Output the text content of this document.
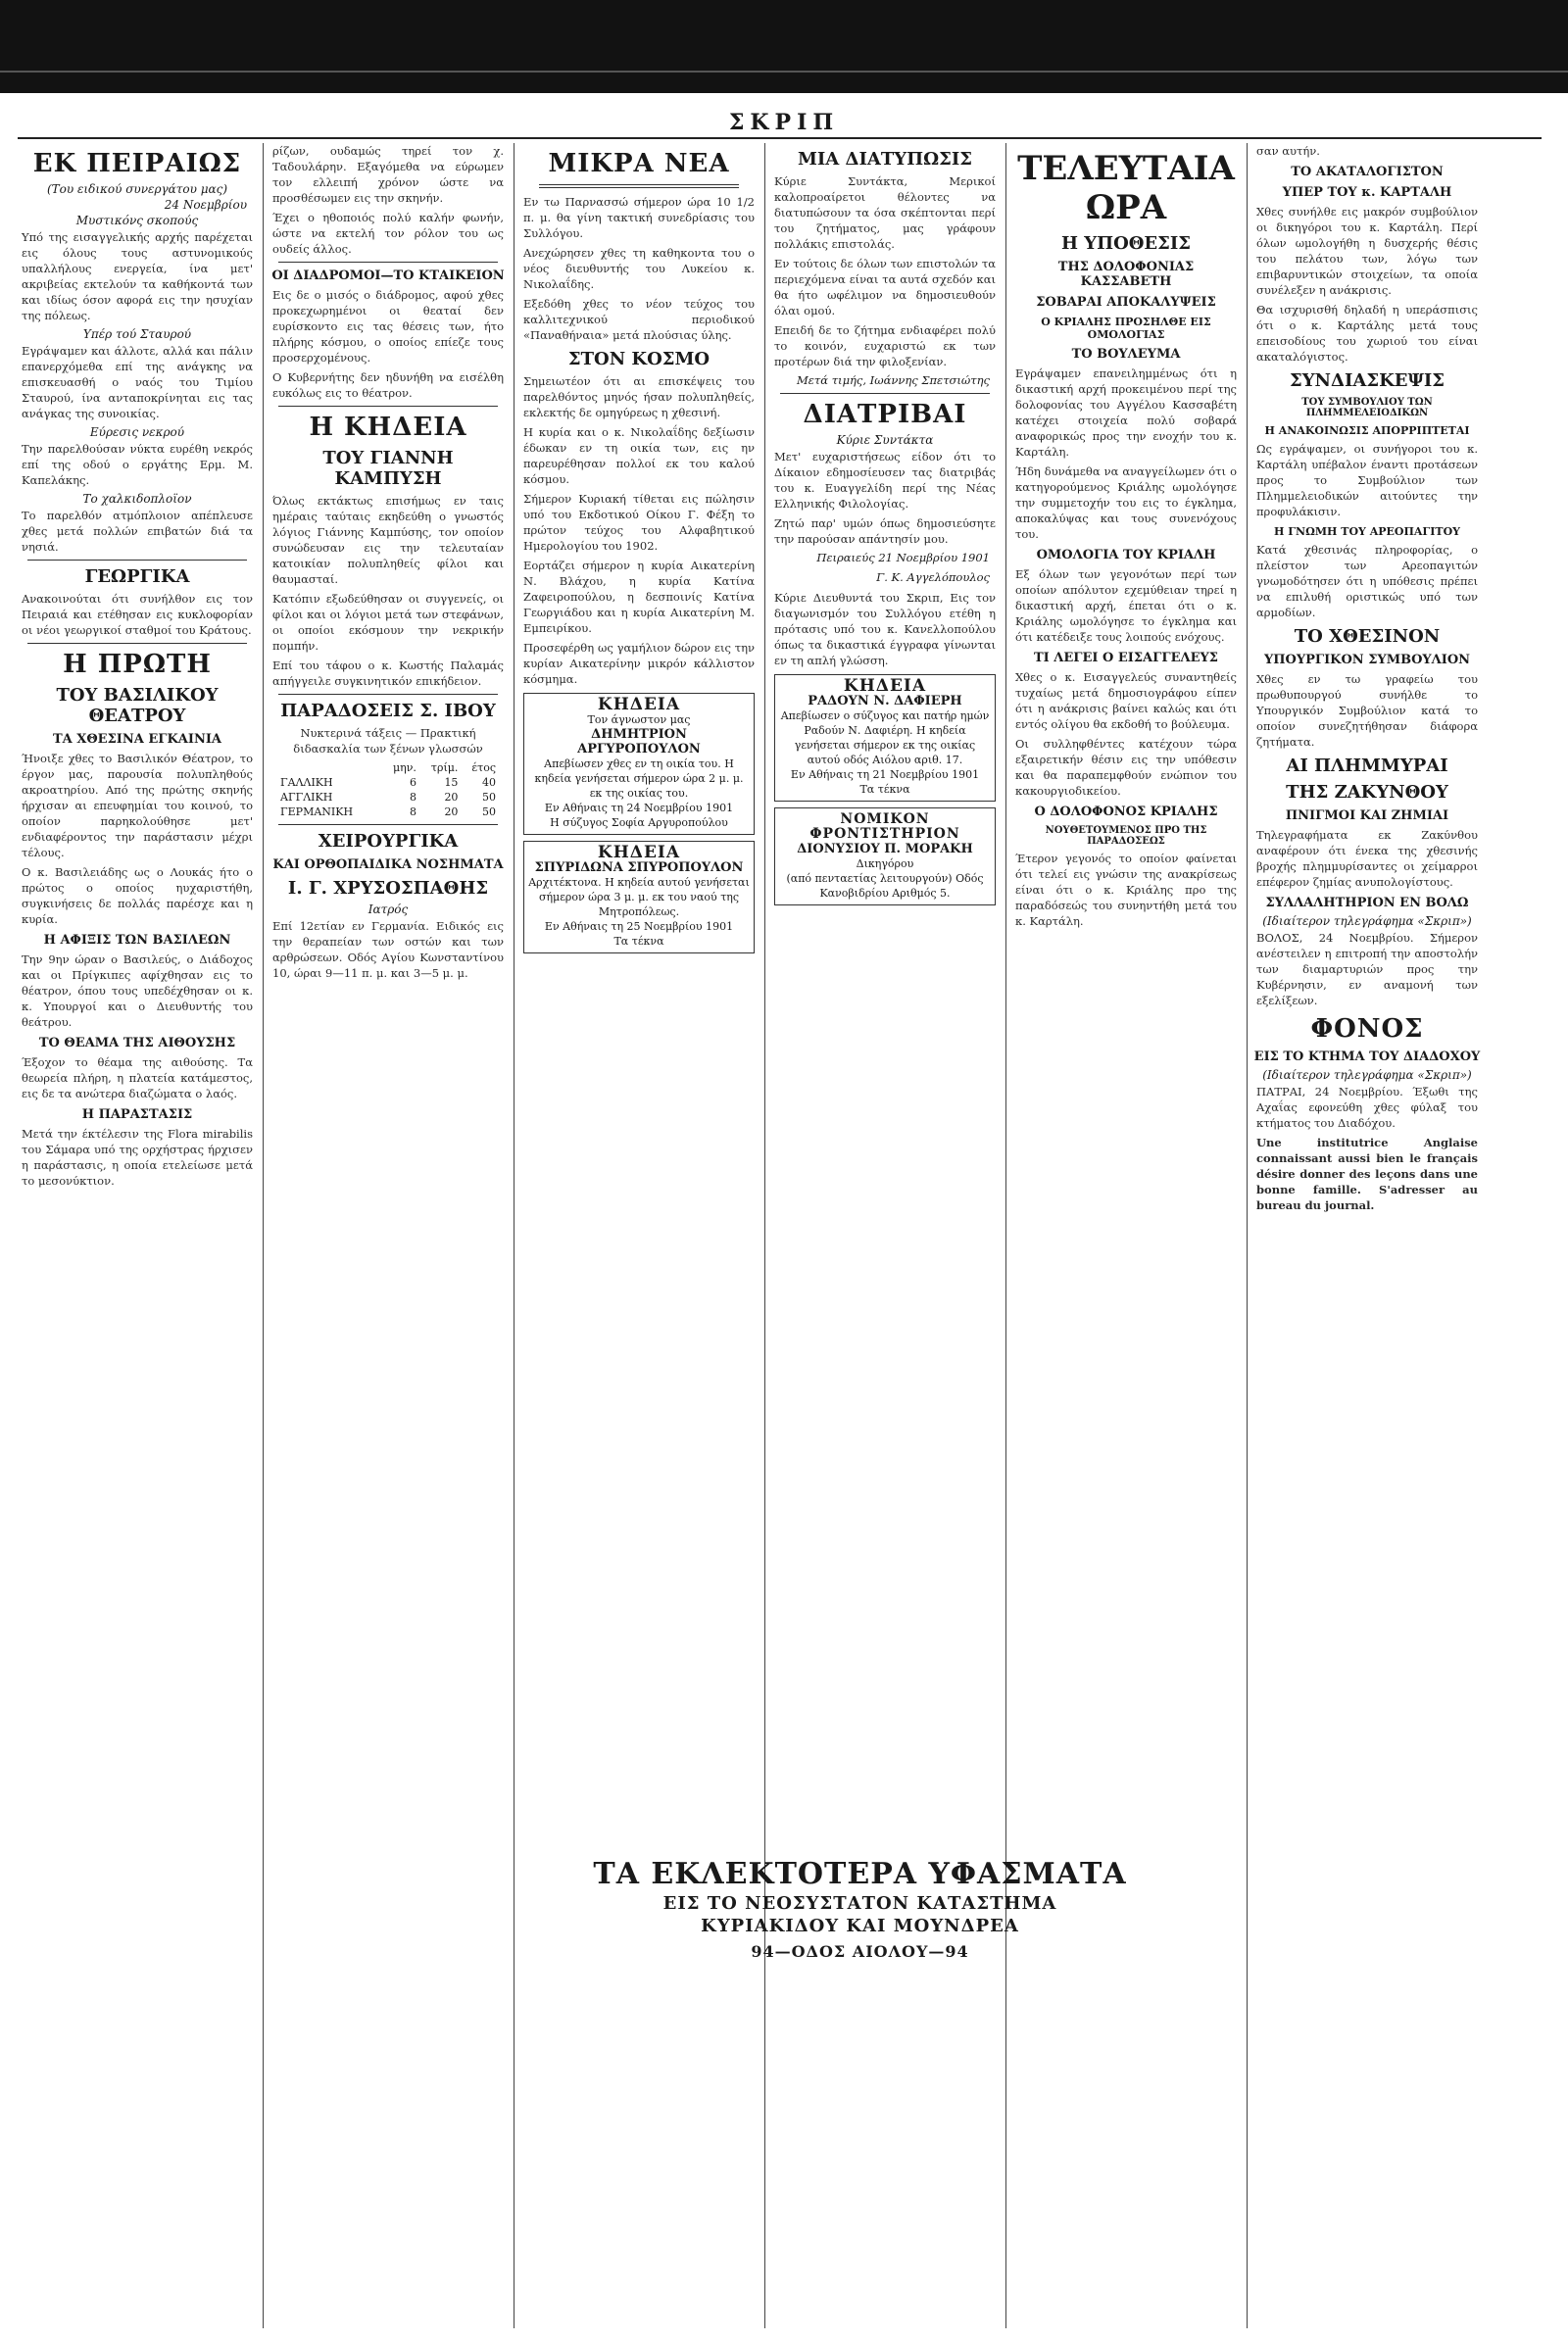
ΣΚΡΙΠ
ΕΚ ΠΕΙΡΑΙΩΣ
(Του ειδικού συνεργάτου μας)
24 Νοεμβρίου
Μυστικόνς σκοπούς

Υπό της εισαγγελικής αρχής παρέχεται εις όλους τους αστυνομικούς υπαλλήλους ενεργεία, ίνα μετ' ακριβείας εκτελούν τα καθήκοντά των και ιδίως όσον αφορά εις την ησυχίαν της πόλεως.

Υπέρ τού Σταυρού

Εγράψαμεν και άλλοτε, αλλά και πάλιν επανερχόμεθα επί της ανάγκης να επισκευασθή ο ναός του Τιμίου Σταυρού, ίνα ανταποκρίνηται εις τας ανάγκας της συνοικίας.

Εύρεσις νεκρού

Την παρελθούσαν νύκτα ευρέθη νεκρός επί της οδού ο εργάτης Ερμ. Μ. Καπελάκης.

Το χαλκιδοπλοϊον

Το παρελθόν ατμόπλοιον απέπλευσε χθες μετά πολλών επιβατών διά τα νησιά.

ΓΕΩΡΓΙΚΑ

Ανακοινούται ότι συνήλθον εις τον Πειραιά και ετέθησαν εις κυκλοφορίαν οι νέοι γεωργικοί σταθμοί του Κράτους.

Η ΠΡΩΤΗ
ΤΟΥ ΒΑΣΙΛΙΚΟΥ ΘΕΑΤΡΟΥ
ΤΑ ΧΘΕΣΙΝΑ ΕΓΚΑΙΝΙΑ

Ήνοιξε χθες το Βασιλικόν Θέατρον, το έργον μας, παρουσία πολυπληθούς ακροατηρίου. Από της πρώτης σκηνής ήρχισαν αι επευφημίαι του κοινού, το οποίον παρηκολούθησε μετ' ενδιαφέροντος την παράστασιν μέχρι τέλους.

Ο κ. Βασιλειάδης ως ο Λουκάς ήτο ο πρώτος ο οποίος ηυχαριστήθη, συγκινήσεις δε πολλάς παρέσχε και η κυρία.

Η ΑΦΙΞΙΣ ΤΩΝ ΒΑΣΙΛΕΩΝ

Την 9ην ώραν ο Βασιλεύς, ο Διάδοχος και οι Πρίγκιπες αφίχθησαν εις το θέατρον, όπου τους υπεδέχθησαν οι κ. κ. Υπουργοί και ο Διευθυντής του θεάτρου.

ΤΟ ΘΕΑΜΑ ΤΗΣ ΑΙΘΟΥΣΗΣ

Έξοχον το θέαμα της αιθούσης. Τα θεωρεία πλήρη, η πλατεία κατάμεστος, εις δε τα ανώτερα διαζώματα ο λαός.

Η ΠΑΡΑΣΤΑΣΙΣ

Μετά την έκτέλεσιν της Flora mirabilis του Σάμαρα υπό της ορχήστρας ήρχισεν η παράστασις, η οποία ετελείωσε μετά το μεσονύκτιον.

ρίζων, ουδαμώς τηρεί τον χ. Ταδουλάρην. Εξαγόμεθα να εύρωμεν τον ελλειπή χρόνον ώστε να προσθέσωμεν εις την σκηνήν.

Έχει ο ηθοποιός πολύ καλήν φωνήν, ώστε να εκτελή τον ρόλον του ως ουδείς άλλος.

ΟΙ ΔΙΑΔΡΟΜΟΙ—ΤΟ ΚΤΑΙΚΕΙΟΝ

Εις δε ο μισός ο διάδρομος, αφού χθες προκεχωρημένοι οι θεαταί δεν ευρίσκοντο εις τας θέσεις των, ήτο πλήρης κόσμου, ο οποίος επίεζε τους προσερχομένους.

Ο Κυβερνήτης δεν ηδυνήθη να εισέλθη ευκόλως εις το θέατρον.

Η ΚΗΔΕΙΑ
ΤΟΥ ΓΙΑΝΝΗ ΚΑΜΠΥΣΗ

Όλως εκτάκτως επισήμως εν ταις ημέραις ταύταις εκηδεύθη ο γνωστός λόγιος Γιάννης Καμπύσης, τον οποίον συνώδευσαν εις την τελευταίαν κατοικίαν πολυπληθείς φίλοι και θαυμασταί.

Κατόπιν εξωδεύθησαν οι συγγενείς, οι φίλοι και οι λόγιοι μετά των στεφάνων, οι οποίοι εκόσμουν την νεκρικήν πομπήν.

Επί του τάφου ο κ. Κωστής Παλαμάς απήγγειλε συγκινητικόν επικήδειον.

ΠΑΡΑΔΟΣΕΙΣ Σ. ΙΒΟΥ

Νυκτερινά τάξεις — Πρακτική διδασκαλία των ξένων γλωσσών

	μην.	τρίμ.	έτος
ΓΑΛΛΙΚΗ	6	15	40
ΑΓΓΛΙΚΗ	8	20	50
ΓΕΡΜΑΝΙΚΗ	8	20	50
ΧΕΙΡΟΥΡΓΙΚΑ
ΚΑΙ ΟΡΘΟΠΑΙΔΙΚΑ ΝΟΣΗΜΑΤΑ
Ι. Γ. ΧΡΥΣΟΣΠΑΘΗΣ
Ιατρός

Επί 12ετίαν εν Γερμανία. Ειδικός εις την θεραπείαν των οστών και των αρθρώσεων. Οδός Αγίου Κωνσταντίνου 10, ώραι 9—11 π. μ. και 3—5 μ. μ.

ΜΙΚΡΑ ΝΕΑ

Εν τω Παρνασσώ σήμερον ώρα 10 1/2 π. μ. θα γίνη τακτική συνεδρίασις του Συλλόγου.

Ανεχώρησεν χθες τη καθηκοντα του ο νέος διευθυντής του Λυκείου κ. Νικολαΐδης.

Εξεδόθη χθες το νέον τεύχος του καλλιτεχνικού περιοδικού «Παναθήναια» μετά πλούσιας ύλης.

ΣΤΟΝ ΚΟΣΜΟ

Σημειωτέον ότι αι επισκέψεις του παρελθόντος μηνός ήσαν πολυπληθείς, εκλεκτής δε ομηγύρεως η χθεσινή.

Η κυρία και ο κ. Νικολαΐδης δεξίωσιν έδωκαν εν τη οικία των, εις ην παρευρέθησαν πολλοί εκ του καλού κόσμου.

Σήμερον Κυριακή τίθεται εις πώλησιν υπό του Εκδοτικού Οίκου Γ. Φέξη το πρώτον τεύχος του Αλφαβητικού Ημερολογίου του 1902.

Εορτάζει σήμερον η κυρία Αικατερίνη Ν. Βλάχου, η κυρία Κατίνα Ζαφειροπούλου, η δεσποινίς Κατίνα Γεωργιάδου και η κυρία Αικατερίνη Μ. Εμπειρίκου.

Προσεφέρθη ως γαμήλιον δώρον εις την κυρίαν Αικατερίνην μικρόν κάλλιστον κόσμημα.

ΚΗΔΕΙΑ
Τον άγνωστον μας
ΔΗΜΗΤΡΙΟΝ ΑΡΓΥΡΟΠΟΥΛΟΝ
Απεβίωσεν χθες εν τη οικία του. Η κηδεία γενήσεται σήμερον ώρα 2 μ. μ. εκ της οικίας του.
Εν Αθήναις τη 24 Νοεμβρίου 1901
Η σύζυγος Σοφία Αργυροπούλου
ΚΗΔΕΙΑ
ΣΠΥΡΙΔΩΝΑ ΣΠΥΡΟΠΟΥΛΟΝ
Αρχιτέκτονα. Η κηδεία αυτού γενήσεται σήμερον ώρα 3 μ. μ. εκ του ναού της Μητροπόλεως.
Εν Αθήναις τη 25 Νοεμβρίου 1901
Τα τέκνα
ΜΙΑ ΔΙΑΤΥΠΩΣΙΣ

Κύριε Συντάκτα, Μερικοί καλοπροαίρετοι θέλοντες να διατυπώσουν τα όσα σκέπτονται περί του ζητήματος, μας γράφουν πολλάκις επιστολάς.

Εν τούτοις δε όλων των επιστολών τα περιεχόμενα είναι τα αυτά σχεδόν και θα ήτο ωφέλιμον να δημοσιευθούν όλαι ομού.

Επειδή δε το ζήτημα ενδιαφέρει πολύ το κοινόν, ευχαριστώ εκ των προτέρων διά την φιλοξενίαν.

Μετά τιμής, Ιωάννης Σπετσιώτης
ΔΙΑΤΡΙΒΑΙ
Κύριε Συντάκτα

Μετ' ευχαριστήσεως είδον ότι το Δίκαιον εδημοσίευσεν τας διατριβάς του κ. Ευαγγελίδη περί της Νέας Ελληνικής Φιλολογίας.

Ζητώ παρ' υμών όπως δημοσιεύσητε την παρούσαν απάντησίν μου.

Πειραιεύς 21 Νοεμβρίου 1901
Γ. Κ. Αγγελόπουλος

Κύριε Διευθυντά του Σκριπ, Εις τον διαγωνισμόν του Συλλόγου ετέθη η πρότασις υπό του κ. Κανελλοπούλου όπως τα δικαστικά έγγραφα γίνωνται εν τη απλή γλώσση.

ΚΗΔΕΙΑ
ΡΑΔΟΥΝ Ν. ΔΑΦΙΕΡΗ
Απεβίωσεν ο σύζυγος και πατήρ ημών Ραδούν Ν. Δαφιέρη. Η κηδεία γενήσεται σήμερον εκ της οικίας αυτού οδός Αιόλου αριθ. 17.
Εν Αθήναις τη 21 Νοεμβρίου 1901
Τα τέκνα
ΝΟΜΙΚΟΝ ΦΡΟΝΤΙΣΤΗΡΙΟΝ
ΔΙΟΝΥΣΙΟΥ Π. ΜΟΡΑΚΗ
Δικηγόρου
(από πενταετίας λειτουργούν) Οδός Κανοβιδρίου Αριθμός 5.
ΤΕΛΕΥΤΑΙΑ ΩΡΑ
Η ΥΠΟΘΕΣΙΣ
ΤΗΣ ΔΟΛΟΦΟΝΙΑΣ ΚΑΣΣΑΒΕΤΗ
ΣΟΒΑΡΑΙ ΑΠΟΚΑΛΥΨΕΙΣ
Ο ΚΡΙΑΛΗΣ ΠΡΟΣΗΛΘΕ ΕΙΣ ΟΜΟΛΟΓΙΑΣ
ΤΟ ΒΟΥΛΕΥΜΑ

Εγράψαμεν επανειλημμένως ότι η δικαστική αρχή προκειμένου περί της δολοφονίας του Αγγέλου Κασσαβέτη κατέχει στοιχεία πολύ σοβαρά αναφορικώς προς την ενοχήν του κ. Καρτάλη.

Ήδη δυνάμεθα να αναγγείλωμεν ότι ο κατηγορούμενος Κριάλης ωμολόγησε την συμμετοχήν του εις το έγκλημα, αποκαλύψας και τους συνενόχους του.

ΟΜΟΛΟΓΙΑ ΤΟΥ ΚΡΙΑΛΗ

Εξ όλων των γεγονότων περί των οποίων απόλυτον εχεμύθειαν τηρεί η δικαστική αρχή, έπεται ότι ο κ. Κριάλης ωμολόγησε το έγκλημα και ότι κατέδειξε τους λοιπούς ενόχους.

ΤΙ ΛΕΓΕΙ Ο ΕΙΣΑΓΓΕΛΕΥΣ

Χθες ο κ. Εισαγγελεύς συναντηθείς τυχαίως μετά δημοσιογράφου είπεν ότι η ανάκρισις βαίνει καλώς και ότι εντός ολίγου θα εκδοθή το βούλευμα.

Οι συλληφθέντες κατέχουν τώρα εξαιρετικήν θέσιν εις την υπόθεσιν και θα παραπεμφθούν ενώπιον του κακουργιοδικείου.

Ο ΔΟΛΟΦΟΝΟΣ ΚΡΙΑΛΗΣ
ΝΟΥΘΕΤΟΥΜΕΝΟΣ ΠΡΟ ΤΗΣ ΠΑΡΑΔΟΣΕΩΣ

Έτερον γεγονός το οποίον φαίνεται ότι τελεί εις γνώσιν της ανακρίσεως είναι ότι ο κ. Κριάλης προ της παραδόσεώς του συνηντήθη μετά του κ. Καρτάλη.

σαν αυτήν.

ΤΟ ΑΚΑΤΑΛΟΓΙΣΤΟΝ
ΥΠΕΡ ΤΟΥ κ. ΚΑΡΤΑΛΗ

Χθες συνήλθε εις μακρόν συμβούλιον οι δικηγόροι του κ. Καρτάλη. Περί όλων ωμολογήθη η δυσχερής θέσις του πελάτου των, λόγω των επιβαρυντικών στοιχείων, τα οποία συνέλεξεν η ανάκρισις.

Θα ισχυρισθή δηλαδή η υπεράσπισις ότι ο κ. Καρτάλης μετά τους επεισοδίους του χωριού του είναι ακαταλόγιστος.

ΣΥΝΔΙΑΣΚΕΨΙΣ
ΤΟΥ ΣΥΜΒΟΥΛΙΟΥ ΤΩΝ ΠΛΗΜΜΕΛΕΙΟΔΙΚΩΝ
Η ΑΝΑΚΟΙΝΩΣΙΣ ΑΠΟΡΡΙΠΤΕΤΑΙ

Ως εγράψαμεν, οι συνήγοροι του κ. Καρτάλη υπέβαλον έναντι προτάσεων προς το Συμβούλιον των Πλημμελειοδικών αιτούντες την προφυλάκισιν.

Η ΓΝΩΜΗ ΤΟΥ ΑΡΕΟΠΑΓΙΤΟΥ

Κατά χθεσινάς πληροφορίας, ο πλείστον των Αρεοπαγιτών γνωμοδότησεν ότι η υπόθεσις πρέπει να επιλυθή οριστικώς υπό των αρμοδίων.

ΤΟ ΧΘΕΣΙΝΟΝ
ΥΠΟΥΡΓΙΚΟΝ ΣΥΜΒΟΥΛΙΟΝ

Χθες εν τω γραφείω του πρωθυπουργού συνήλθε το Υπουργικόν Συμβούλιον κατά το οποίον συνεζητήθησαν διάφορα ζητήματα.

ΑΙ ΠΛΗΜΜΥΡΑΙ
ΤΗΣ ΖΑΚΥΝΘΟΥ
ΠΝΙΓΜΟΙ ΚΑΙ ΖΗΜΙΑΙ

Τηλεγραφήματα εκ Ζακύνθου αναφέρουν ότι ένεκα της χθεσινής βροχής πλημμυρίσαντες οι χείμαρροι επέφερον ζημίας ανυπολογίστους.

ΣΥΛΛΑΛΗΤΗΡΙΟΝ ΕΝ ΒΟΛΩ
(Ιδιαίτερον τηλεγράφημα «Σκριπ»)

ΒΟΛΟΣ, 24 Νοεμβρίου. Σήμερον ανέστειλεν η επιτροπή την αποστολήν των διαμαρτυριών προς την Κυβέρνησιν, εν αναμονή των εξελίξεων.

ΦΟΝΟΣ
ΕΙΣ ΤΟ ΚΤΗΜΑ ΤΟΥ ΔΙΑΔΟΧΟΥ
(Ιδιαίτερον τηλεγράφημα «Σκριπ»)

ΠΑΤΡΑΙ, 24 Νοεμβρίου. Έξωθι της Αχαΐας εφονεύθη χθες φύλαξ του κτήματος του Διαδόχου.

Une institutrice Anglaise connaissant aussi bien le français désire donner des leçons dans une bonne famille. S'adresser au bureau du journal.

ΤΑ ΕΚΛΕΚΤΟΤΕΡΑ ΥΦΑΣΜΑΤΑ
ΕΙΣ ΤΟ ΝΕΟΣΥΣΤΑΤΟΝ ΚΑΤΑΣΤΗΜΑ
ΚΥΡΙΑΚΙΔΟΥ ΚΑΙ ΜΟΥΝΔΡΕΑ
94—ΟΔΟΣ ΑΙΟΛΟΥ—94
